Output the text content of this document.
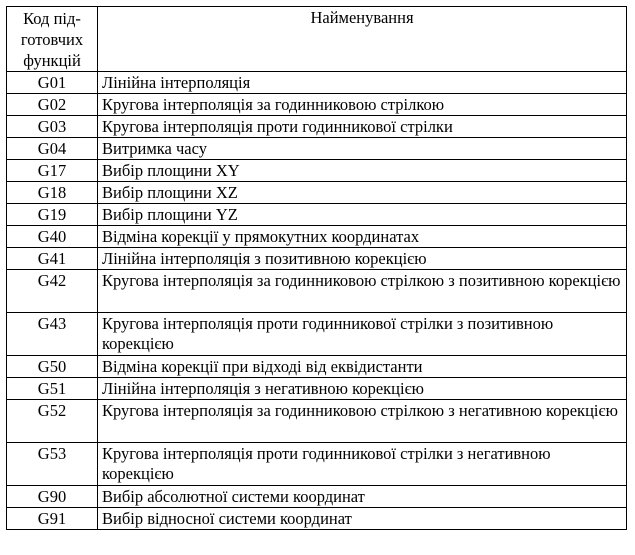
Код під-
готовчих
функцій	Найменування
G01	Лінійна інтерполяція
G02	Кругова інтерполяція за годинниковою стрілкою
G03	Кругова інтерполяція проти годинникової стрілки
G04	Витримка часу
G17	Вибір площини XY
G18	Вибір площини XZ
G19	Вибір площини YZ
G40	Відміна корекції у прямокутних координатах
G41	Лінійна інтерполяція з позитивною корекцією
G42	Кругова інтерполяція за годинниковою стрілкою з позитивною корекцією
G43	Кругова інтерполяція проти годинникової стрілки з позитивною корекцією
G50	Відміна корекції при відході від еквідистанти
G51	Лінійна інтерполяція з негативною корекцією
G52	Кругова інтерполяція за годинниковою стрілкою з негативною корекцією
G53	Кругова інтерполяція проти годинникової стрілки з негативною корекцією
G90	Вибір абсолютної системи координат
G91	Вибір відносної системи координат
